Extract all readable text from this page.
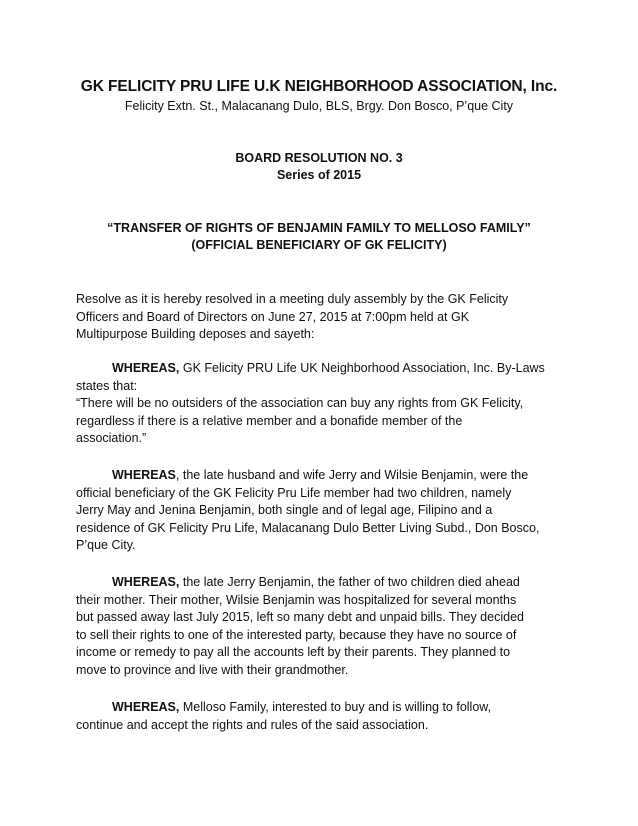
GK FELICITY PRU LIFE U.K NEIGHBORHOOD ASSOCIATION, Inc.
Felicity Extn. St., Malacanang Dulo, BLS, Brgy. Don Bosco, P’que City
BOARD RESOLUTION NO. 3
Series of 2015
“TRANSFER OF RIGHTS OF BENJAMIN FAMILY TO MELLOSO FAMILY”
(OFFICIAL BENEFICIARY OF GK FELICITY)
Resolve as it is hereby resolved in a meeting duly assembly by the GK Felicity
Officers and Board of Directors on June 27, 2015 at 7:00pm held at GK
Multipurpose Building deposes and sayeth:
WHEREAS, GK Felicity PRU Life UK Neighborhood Association, Inc. By-Laws
states that:
“There will be no outsiders of the association can buy any rights from GK Felicity,
regardless if there is a relative member and a bonafide member of the
association.”
WHEREAS, the late husband and wife Jerry and Wilsie Benjamin, were the
official beneficiary of the GK Felicity Pru Life member had two children, namely
Jerry May and Jenina Benjamin, both single and of legal age, Filipino and a
residence of GK Felicity Pru Life, Malacanang Dulo Better Living Subd., Don Bosco,
P’que City.
WHEREAS, the late Jerry Benjamin, the father of two children died ahead
their mother. Their mother, Wilsie Benjamin was hospitalized for several months
but passed away last July 2015, left so many debt and unpaid bills. They decided
to sell their rights to one of the interested party, because they have no source of
income or remedy to pay all the accounts left by their parents. They planned to
move to province and live with their grandmother.
WHEREAS, Melloso Family, interested to buy and is willing to follow,
continue and accept the rights and rules of the said association.
